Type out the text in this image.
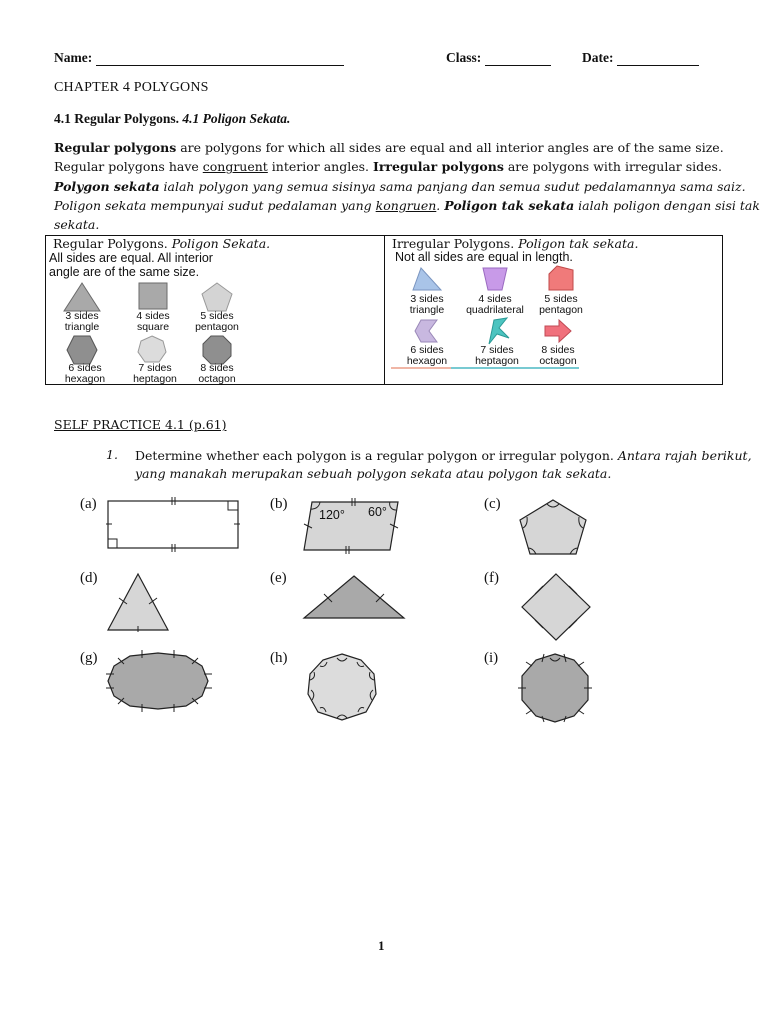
Name:	Class:	Date:
CHAPTER 4 POLYGONS
4.1 Regular Polygons. 4.1 Poligon Sekata.
Regular polygons are polygons for which all sides are equal and all interior angles are of the same size.
Regular polygons have congruent interior angles. Irregular polygons are polygons with irregular sides.
Polygon sekata ialah polygon yang semua sisinya sama panjang dan semua sudut pedalamannya sama saiz.
Poligon sekata mempunyai sudut pedalaman yang kongruen. Poligon tak sekata ialah poligon dengan sisi tak
sekata.
Regular Polygons. Poligon Sekata.
All sides are equal. All interior
angle are of the same size.
3 sides
triangle
4 sides
square
5 sides
pentagon
6 sides
hexagon
7 sides
heptagon
8 sides
octagon

Irregular Polygons. Poligon tak sekata.
Not all sides are equal in length.
3 sides
triangle
4 sides
quadrilateral
5 sides
pentagon
6 sides
hexagon
7 sides
heptagon
8 sides
octagon
SELF PRACTICE 4.1 (p.61)
1. Determine whether each polygon is a regular polygon or irregular polygon. Antara rajah berikut,
yang manakah merupakan sebuah polygon sekata atau polygon tak sekata.
(a)	(b)	(c)
(d)	(e)	(f)
(g)	(h)	(i)
120° 60°
1
